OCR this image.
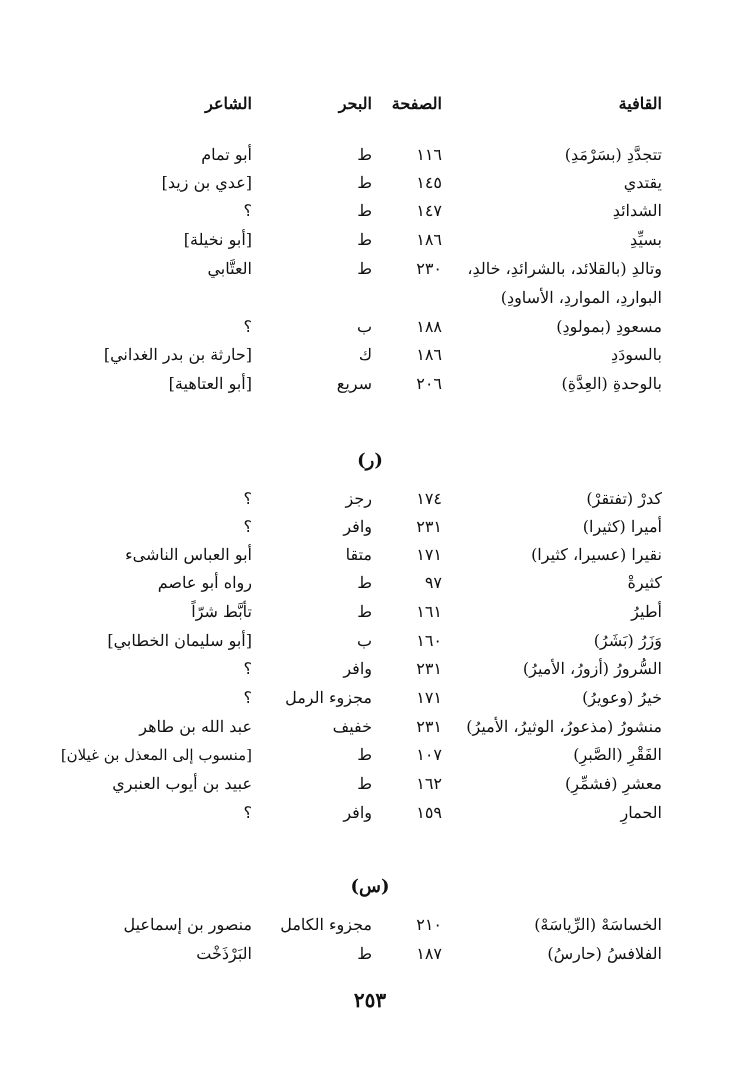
القافية
الصفحة
البحر
الشاعر
تتجدَّدِ (بسَرْمَدِ)
١١٦
ط
أبو تمام
يقتدي
١٤٥
ط
[عدي بن زيد]
الشدائدِ
١٤٧
ط
؟
بسيِّدِ
١٨٦
ط
[أبو نخيلة]
وتالدِ (بالقلائد، بالشرائدِ، خالدِ،
٢٣٠
ط
العتَّابي
البواردِ، المواردِ، الأساودِ)
مسعودِ (بمولودِ)
١٨٨
ب
؟
بالسودَدِ
١٨٦
ك
[حارثة بن بدر الغداني]
بالوحدةِ (العِدَّةِ)
٢٠٦
سريع
[أبو العتاهية]
(ر)
كدرْ (تفتقرْ)
١٧٤
رجز
؟
أميرا (كثيرا)
٢٣١
وافر
؟
نقيرا (عسيرا، كثيرا)
١٧١
متقا
أبو العباس الناشىء
كثيرةْ
٩٧
ط
رواه أبو عاصم
أطيرُ
١٦١
ط
تأبَّط شرّاً
وَزَرُ (بَشَرُ)
١٦٠
ب
[أبو سليمان الخطابي]
السُّرورُ (أزورُ، الأميرُ)
٢٣١
وافر
؟
خيرُ (وعويرُ)
١٧١
مجزوء الرمل
؟
منشورُ (مذعورُ، الوثيرُ، الأميرُ)
٢٣١
خفيف
عبد الله بن طاهر
الفَقْرِ (الصَّبرِ)
١٠٧
ط
[منسوب إلى المعذل بن غيلان]
معشرِ (فشمِّرِ)
١٦٢
ط
عبيد بن أيوب العنبري
الحمارِ
١٥٩
وافر
؟
(س)
الخساسَهْ (الرِّياسَهْ)
٢١٠
مجزوء الكامل
منصور بن إسماعيل
الفلافسُ (حارسُ)
١٨٧
ط
البَرْذَخْت
٢٥٣
